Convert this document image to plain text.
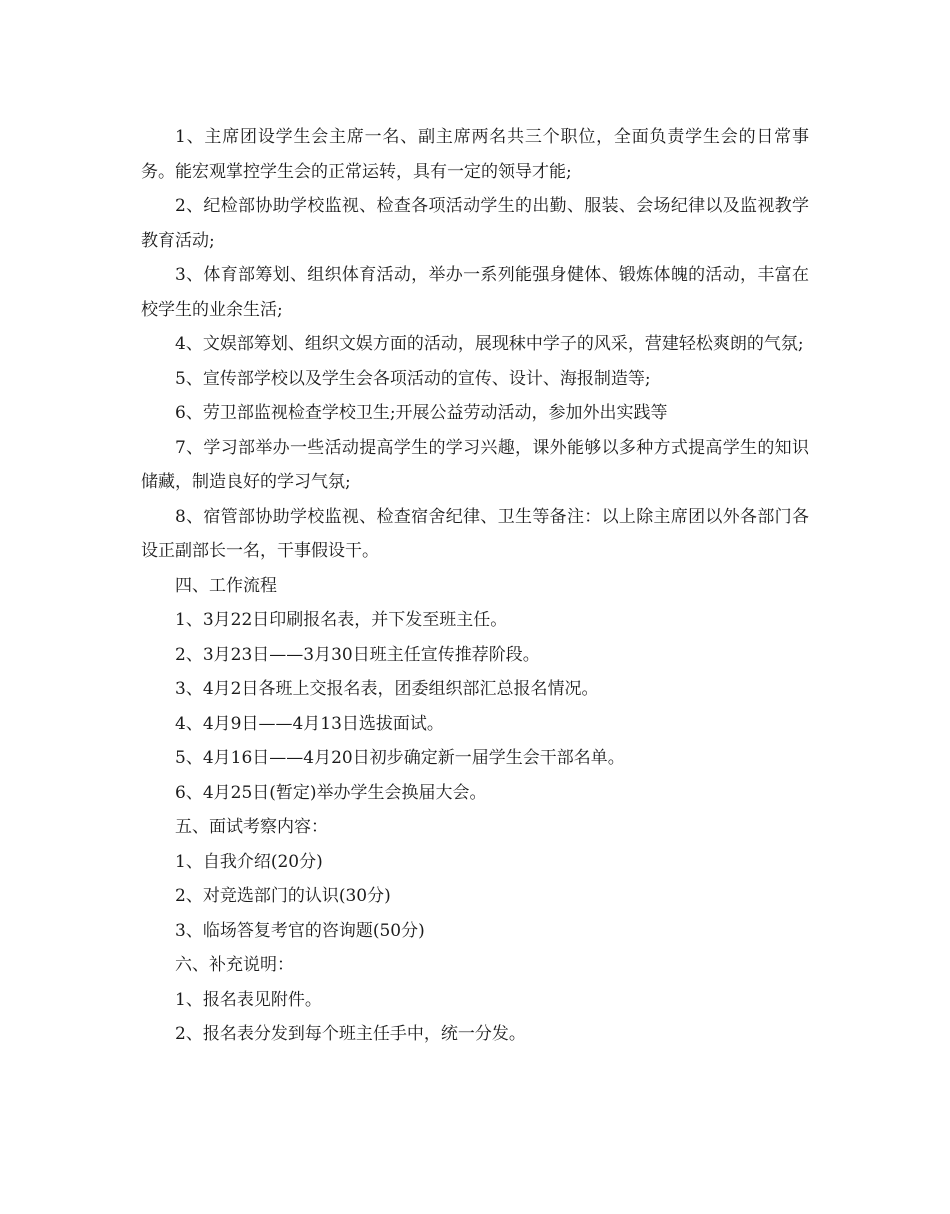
1、主席团设学生会主席一名、副主席两名共三个职位，全面负责学生会的日常事务。能宏观掌控学生会的正常运转，具有一定的领导才能;

2、纪检部协助学校监视、检查各项活动学生的出勤、服装、会场纪律以及监视教学教育活动;

3、体育部筹划、组织体育活动，举办一系列能强身健体、锻炼体魄的活动，丰富在校学生的业余生活;

4、文娱部筹划、组织文娱方面的活动，展现秣中学子的风采，营建轻松爽朗的气氛;

5、宣传部学校以及学生会各项活动的宣传、设计、海报制造等;

6、劳卫部监视检查学校卫生;开展公益劳动活动，参加外出实践等

7、学习部举办一些活动提高学生的学习兴趣，课外能够以多种方式提高学生的知识储藏，制造良好的学习气氛;

8、宿管部协助学校监视、检查宿舍纪律、卫生等备注：以上除主席团以外各部门各设正副部长一名，干事假设干。

四、工作流程

1、3月22日印刷报名表，并下发至班主任。

2、3月23日——3月30日班主任宣传推荐阶段。

3、4月2日各班上交报名表，团委组织部汇总报名情况。

4、4月9日——4月13日选拔面试。

5、4月16日——4月20日初步确定新一届学生会干部名单。

6、4月25日(暂定)举办学生会换届大会。

五、面试考察内容：

1、自我介绍(20分)

2、对竞选部门的认识(30分)

3、临场答复考官的咨询题(50分)

六、补充说明：

1、报名表见附件。

2、报名表分发到每个班主任手中，统一分发。
